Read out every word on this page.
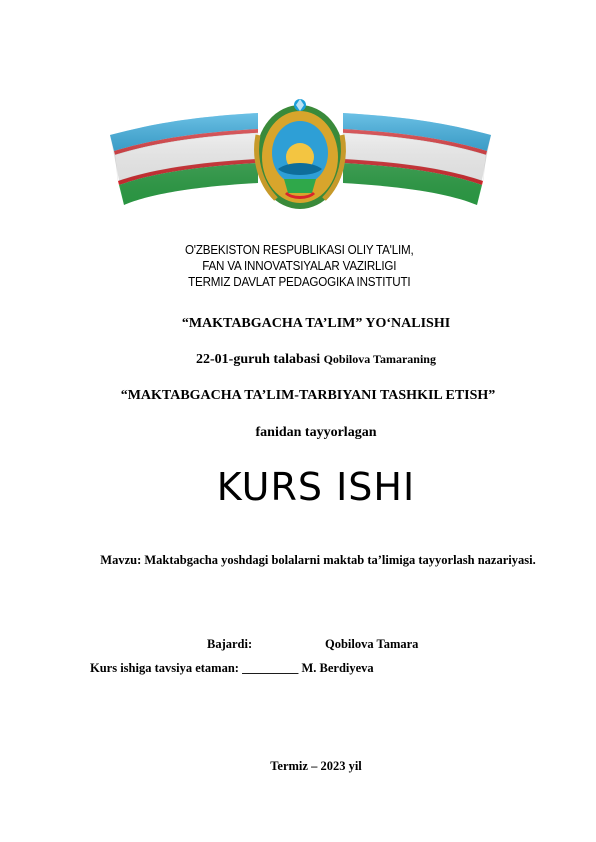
O'ZBEKISTON RESPUBLIKASI OLIY TA'LIM,
FAN VA INNOVATSIYALAR VAZIRLIGI
TERMIZ DAVLAT PEDAGOGIKA INSTITUTI
“MAKTABGACHA TA’LIM” YO‘NALISHI
22-01-guruh talabasi Qobilova Tamaraning
“MAKTABGACHA TA’LIM-TARBIYANI TASHKIL ETISH”
fanidan tayyorlagan
KURS ISHI
Mavzu: Maktabgacha yoshdagi bolalarni maktab ta’limiga tayyorlash nazariyasi.
Bajardi:	Qobilova Tamara
Kurs ishiga tavsiya etaman: _________ M. Berdiyeva
Termiz – 2023 yil
